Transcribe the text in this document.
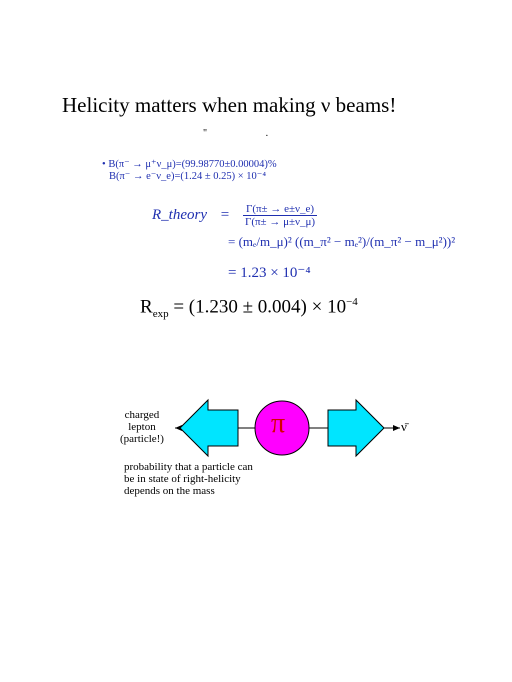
Helicity matters when making ν beams!
" .
• B(π⁻ → μ⁺ν_μ)=(99.98770±0.00004)%
B(π⁻ → e⁻ν_e)=(1.24 ± 0.25) × 10⁻⁴
R_theory = $\frac{\Gamma(\pi\pm \to e\pm\nu\_e)}{\Gamma(\pi\pm \to \mu\pm\nu\_\mu)}$
= (mₑ/m_μ)² ((m_π² − mₑ²)/(m_π² − m_μ²))²
= 1.23 × 10⁻⁴
$R_{exp} = (1.230 \pm 0.004) \times 10^{-4}$
π
charged
lepton
(particle!)
ν̄
probability that a particle can
be in state of right-helicity
depends on the mass
